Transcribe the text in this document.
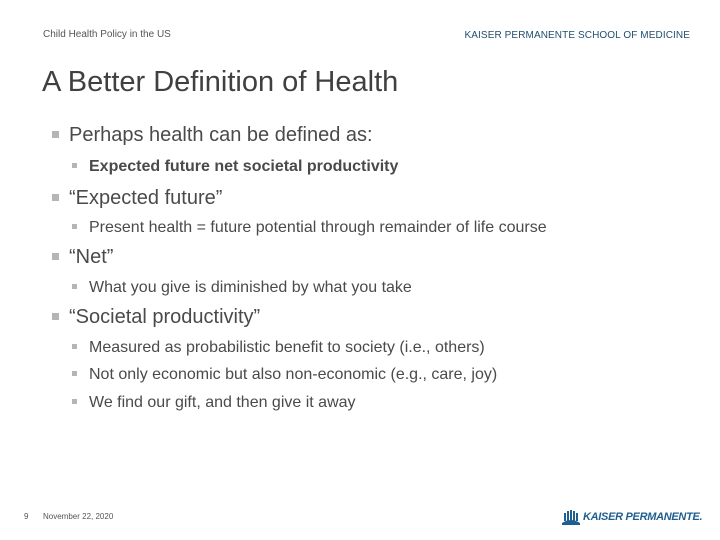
Child Health Policy in the US	KAISER PERMANENTE SCHOOL OF MEDICINE
A Better Definition of Health
Perhaps health can be defined as:
Expected future net societal productivity
“Expected future”
Present health = future potential through remainder of life course
“Net”
What you give is diminished by what you take
“Societal productivity”
Measured as probabilistic benefit to society (i.e., others)
Not only economic but also non-economic (e.g., care, joy)
We find our gift, and then give it away
9 November 22, 2020	KAISER PERMANENTE.
